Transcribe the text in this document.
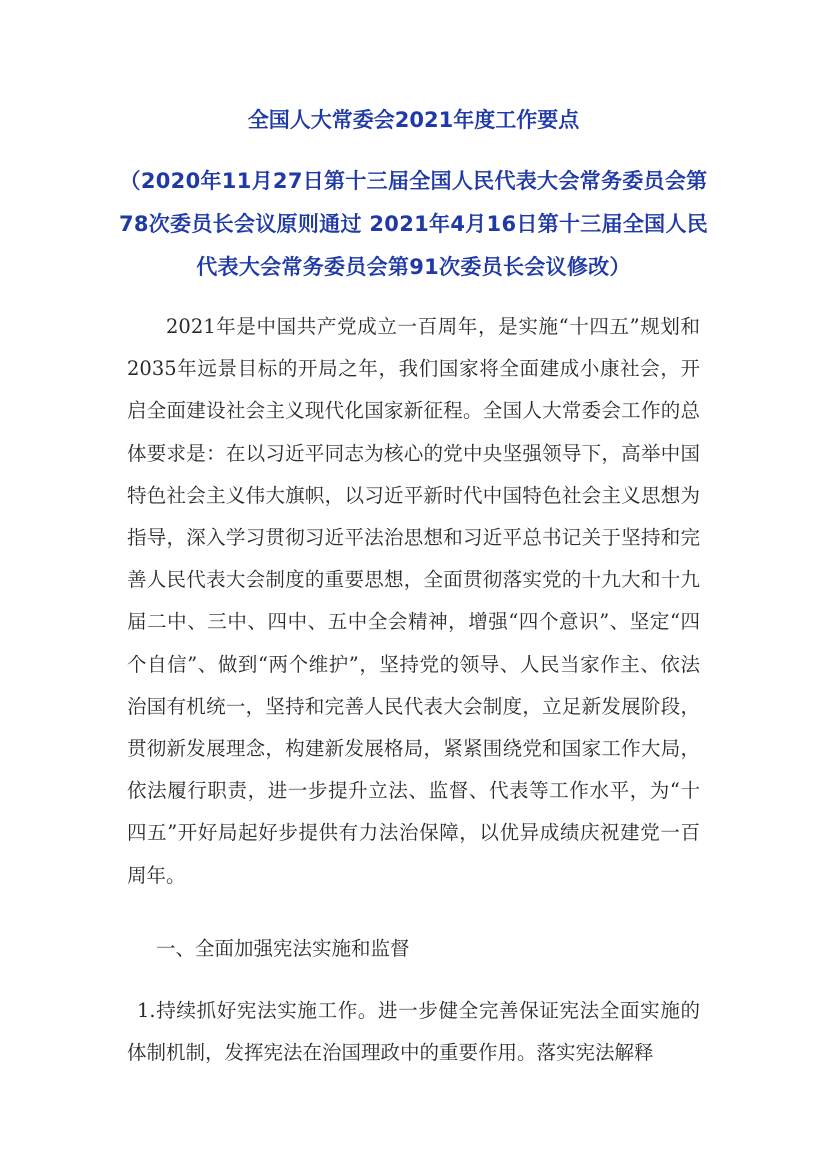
全国人大常委会2021年度工作要点
（2020年11月27日第十三届全国人民代表大会常务委员会第78次委员长会议原则通过 2021年4月16日第十三届全国人民代表大会常务委员会第91次委员长会议修改）
2021年是中国共产党成立一百周年，是实施“十四五”规划和2035年远景目标的开局之年，我们国家将全面建成小康社会，开启全面建设社会主义现代化国家新征程。全国人大常委会工作的总体要求是：在以习近平同志为核心的党中央坚强领导下，高举中国特色社会主义伟大旗帜，以习近平新时代中国特色社会主义思想为指导，深入学习贯彻习近平法治思想和习近平总书记关于坚持和完善人民代表大会制度的重要思想，全面贯彻落实党的十九大和十九届二中、三中、四中、五中全会精神，增强“四个意识”、坚定“四个自信”、做到“两个维护”，坚持党的领导、人民当家作主、依法治国有机统一，坚持和完善人民代表大会制度，立足新发展阶段，贯彻新发展理念，构建新发展格局，紧紧围绕党和国家工作大局，依法履行职责，进一步提升立法、监督、代表等工作水平，为“十四五”开好局起好步提供有力法治保障，以优异成绩庆祝建党一百周年。
一、全面加强宪法实施和监督
1.持续抓好宪法实施工作。进一步健全完善保证宪法全面实施的体制机制，发挥宪法在治国理政中的重要作用。落实宪法解释
